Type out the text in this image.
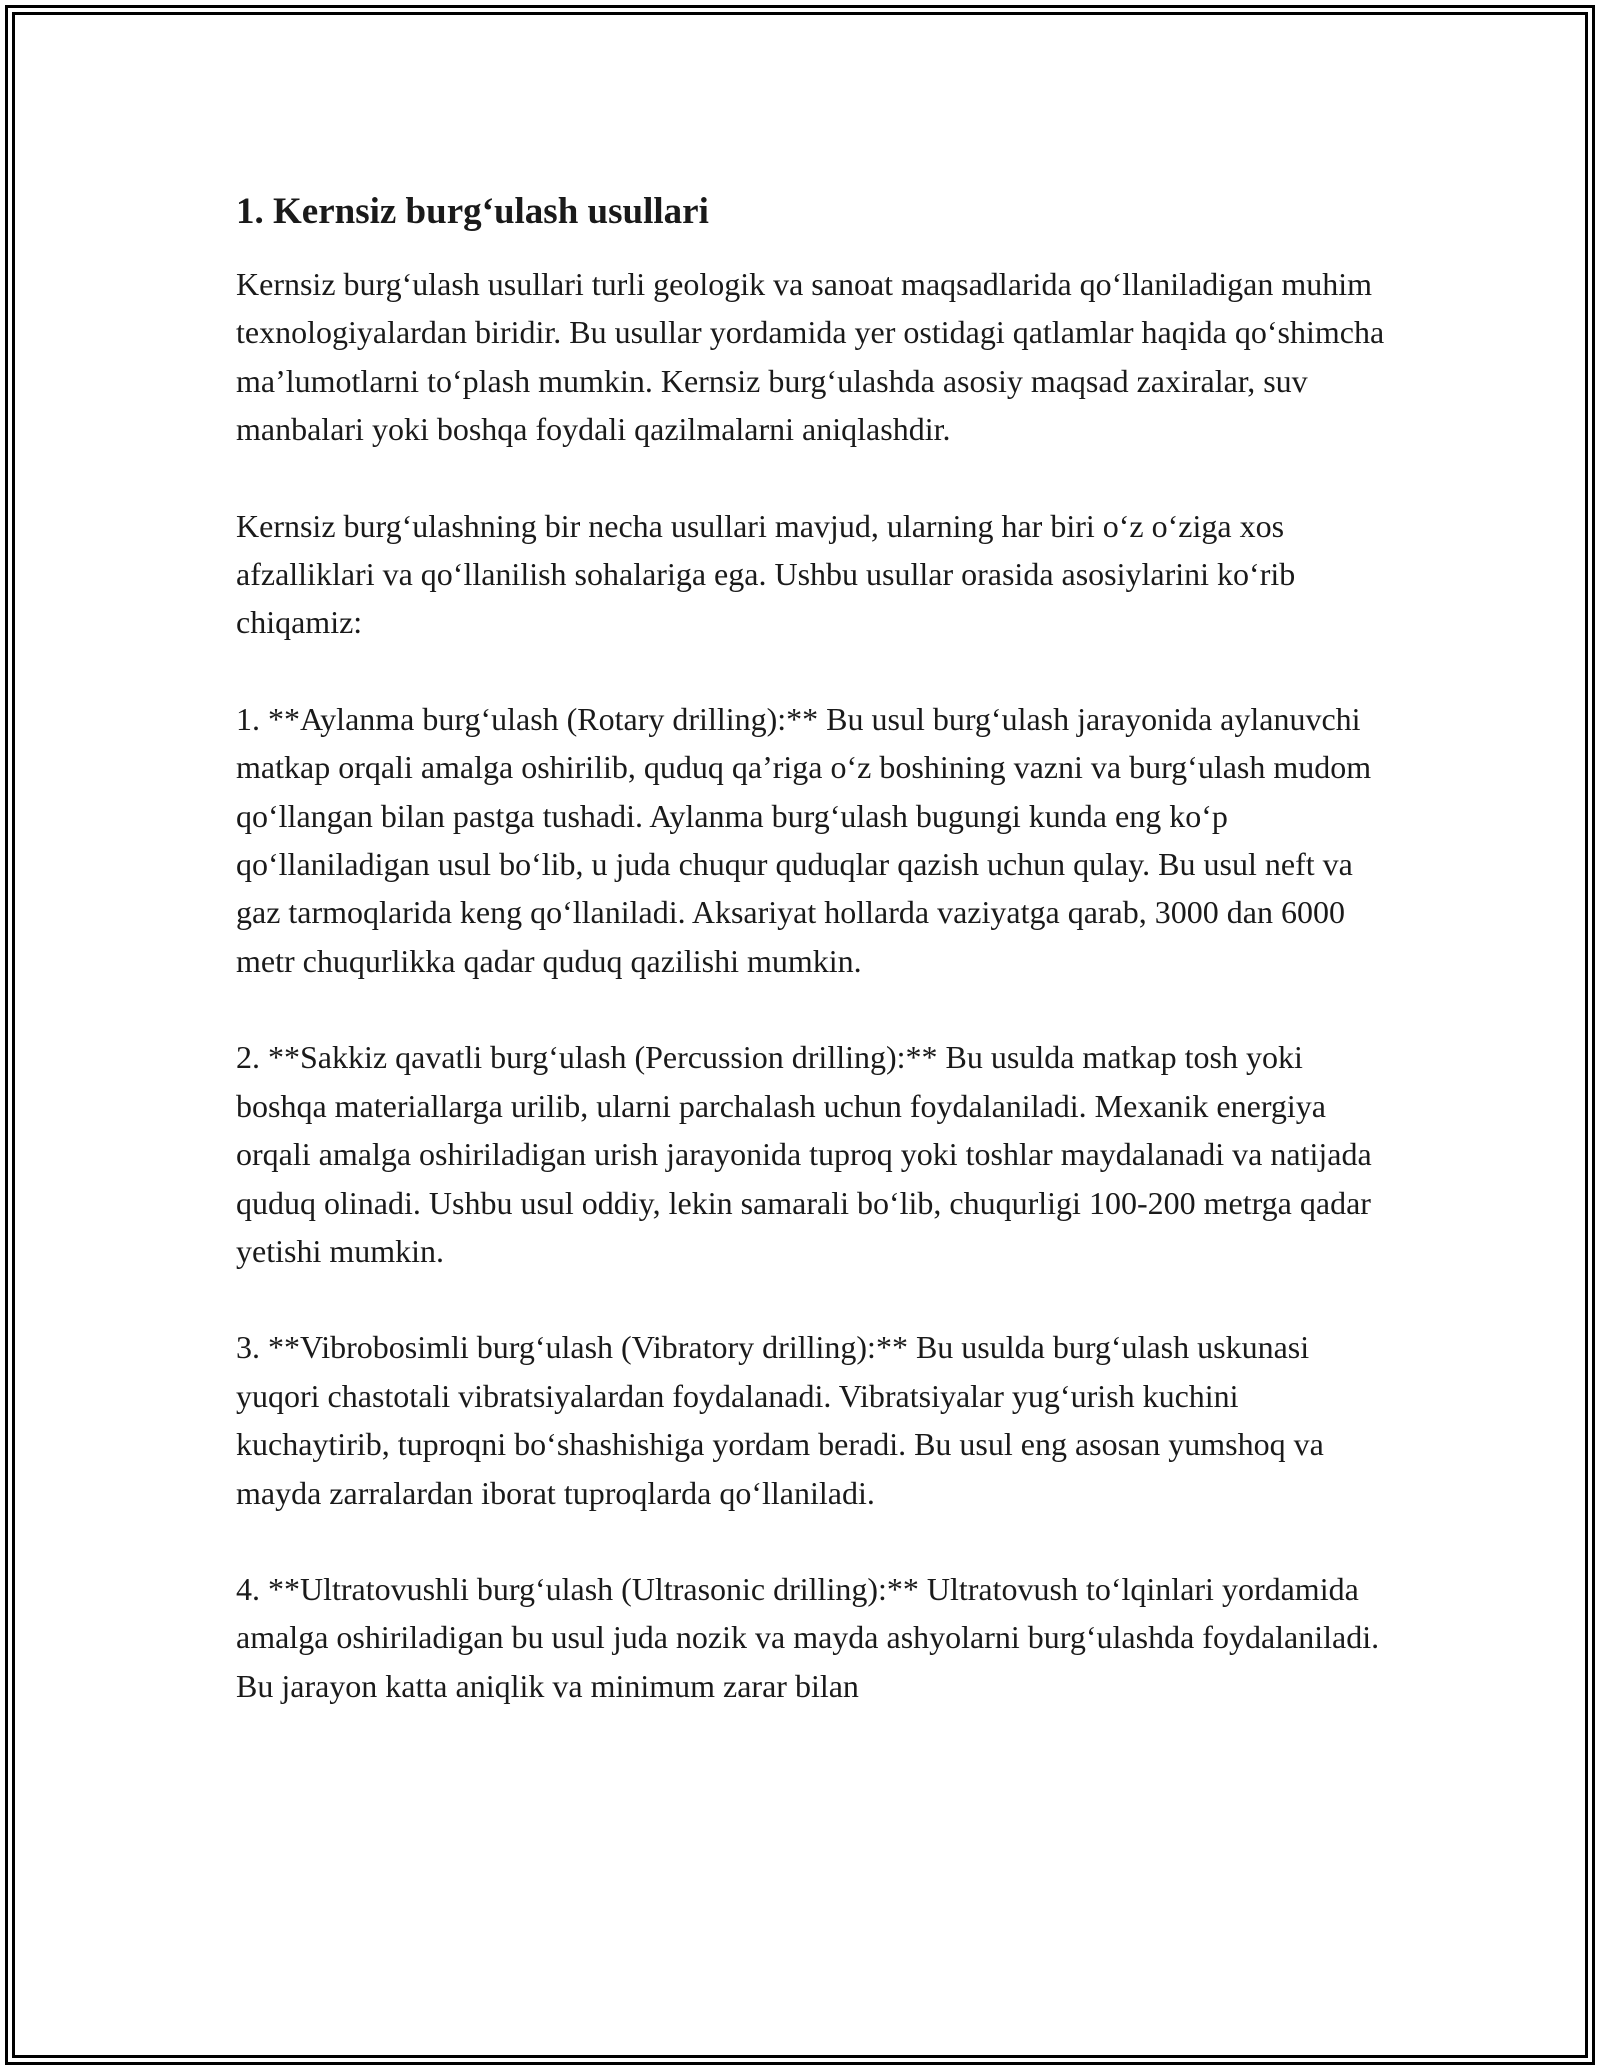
1. Kernsiz burg‘ulash usullari

Kernsiz burg‘ulash usullari turli geologik va sanoat maqsadlarida qo‘llaniladigan muhim texnologiyalardan biridir. Bu usullar yordamida yer ostidagi qatlamlar haqida qo‘shimcha ma’lumotlarni to‘plash mumkin. Kernsiz burg‘ulashda asosiy maqsad zaxiralar, suv manbalari yoki boshqa foydali qazilmalarni aniqlashdir.

Kernsiz burg‘ulashning bir necha usullari mavjud, ularning har biri o‘z o‘ziga xos afzalliklari va qo‘llanilish sohalariga ega. Ushbu usullar orasida asosiylarini ko‘rib chiqamiz:

1. **Aylanma burg‘ulash (Rotary drilling):** Bu usul burg‘ulash jarayonida aylanuvchi matkap orqali amalga oshirilib, quduq qa’riga o‘z boshining vazni va burg‘ulash mudom qo‘llangan bilan pastga tushadi. Aylanma burg‘ulash bugungi kunda eng ko‘p qo‘llaniladigan usul bo‘lib, u juda chuqur quduqlar qazish uchun qulay. Bu usul neft va gaz tarmoqlarida keng qo‘llaniladi. Aksariyat hollarda vaziyatga qarab, 3000 dan 6000 metr chuqurlikka qadar quduq qazilishi mumkin.

2. **Sakkiz qavatli burg‘ulash (Percussion drilling):** Bu usulda matkap tosh yoki boshqa materiallarga urilib, ularni parchalash uchun foydalaniladi. Mexanik energiya orqali amalga oshiriladigan urish jarayonida tuproq yoki toshlar maydalanadi va natijada quduq olinadi. Ushbu usul oddiy, lekin samarali bo‘lib, chuqurligi 100-200 metrga qadar yetishi mumkin.

3. **Vibrobosimli burg‘ulash (Vibratory drilling):** Bu usulda burg‘ulash uskunasi yuqori chastotali vibratsiyalardan foydalanadi. Vibratsiyalar yug‘urish kuchini kuchaytirib, tuproqni bo‘shashishiga yordam beradi. Bu usul eng asosan yumshoq va mayda zarralardan iborat tuproqlarda qo‘llaniladi.

4. **Ultratovushli burg‘ulash (Ultrasonic drilling):** Ultratovush to‘lqinlari yordamida amalga oshiriladigan bu usul juda nozik va mayda ashyolarni burg‘ulashda foydalaniladi. Bu jarayon katta aniqlik va minimum zarar bilan
